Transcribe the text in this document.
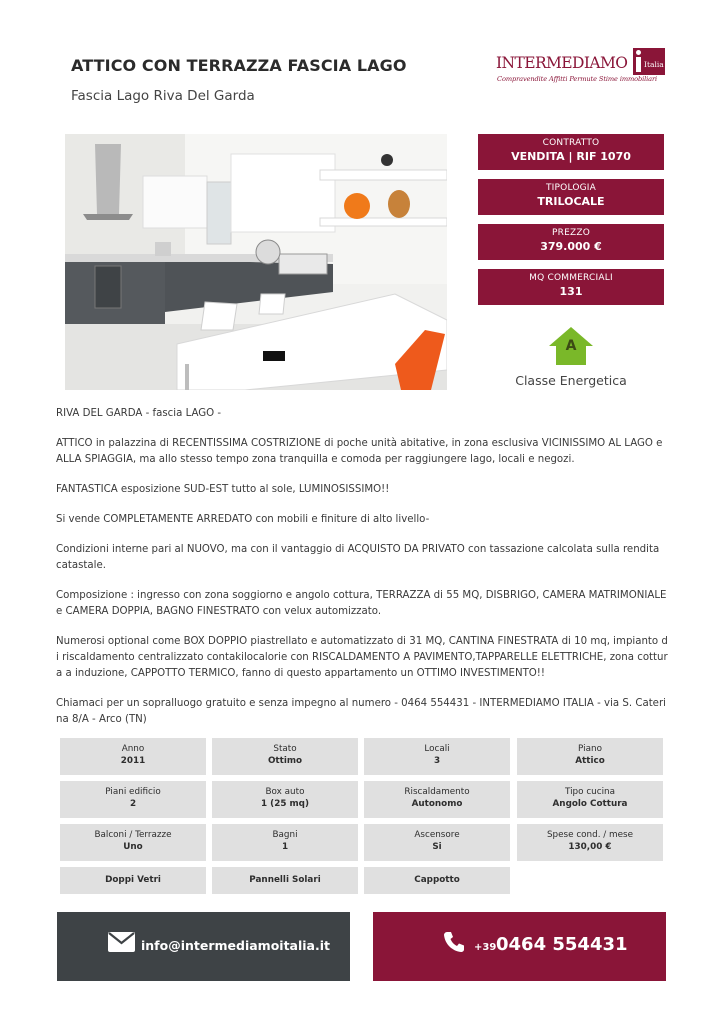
ATTICO CON TERRAZZA FASCIA LAGO
Fascia Lago Riva Del Garda
INTERMEDIAMO Italia
Compravendite Affitti Permute Stime immobiliari
CONTRATTO
VENDITA | RIF 1070
TIPOLOGIA
TRILOCALE
PREZZO
379.000 €
MQ COMMERCIALI
131
A
Classe Energetica

RIVA DEL GARDA - fascia LAGO -

ATTICO in palazzina di RECENTISSIMA COSTRIZIONE di poche unità abitative, in zona esclusiva VICINISSIMO AL LAGO e ALLA SPIAGGIA, ma allo stesso tempo zona tranquilla e comoda per raggiungere lago, locali e negozi.

FANTASTICA esposizione SUD-EST tutto al sole, LUMINOSISSIMO!!

Si vende COMPLETAMENTE ARREDATO con mobili e finiture di alto livello-

Condizioni interne pari al NUOVO, ma con il vantaggio di ACQUISTO DA PRIVATO con tassazione calcolata sulla rendita catastale.

Composizione : ingresso con zona soggiorno e angolo cottura, TERRAZZA di 55 MQ, DISBRIGO, CAMERA MATRIMONIALE e CAMERA DOPPIA, BAGNO FINESTRATO con velux automizzato.

Numerosi optional come BOX DOPPIO piastrellato e automatizzato di 31 MQ, CANTINA FINESTRATA di 10 mq, impianto di riscaldamento centralizzato contakilocalorie con RISCALDAMENTO A PAVIMENTO,TAPPARELLE ELETTRICHE, zona cottura a induzione, CAPPOTTO TERMICO, fanno di questo appartamento un OTTIMO INVESTIMENTO!!

Chiamaci per un sopralluogo gratuito e senza impegno al numero - 0464 554431 - INTERMEDIAMO ITALIA - via S. Caterina 8/A - Arco (TN)

Anno
2011
Stato
Ottimo
Locali
3
Piano
Attico
Piani edificio
2
Box auto
1 (25 mq)
Riscaldamento
Autonomo
Tipo cucina
Angolo Cottura
Balconi / Terrazze
Uno
Bagni
1
Ascensore
Si
Spese cond. / mese
130,00 €
Doppi Vetri	Pannelli Solari	Cappotto
info@intermediamoitalia.it	+39 0464 554431
